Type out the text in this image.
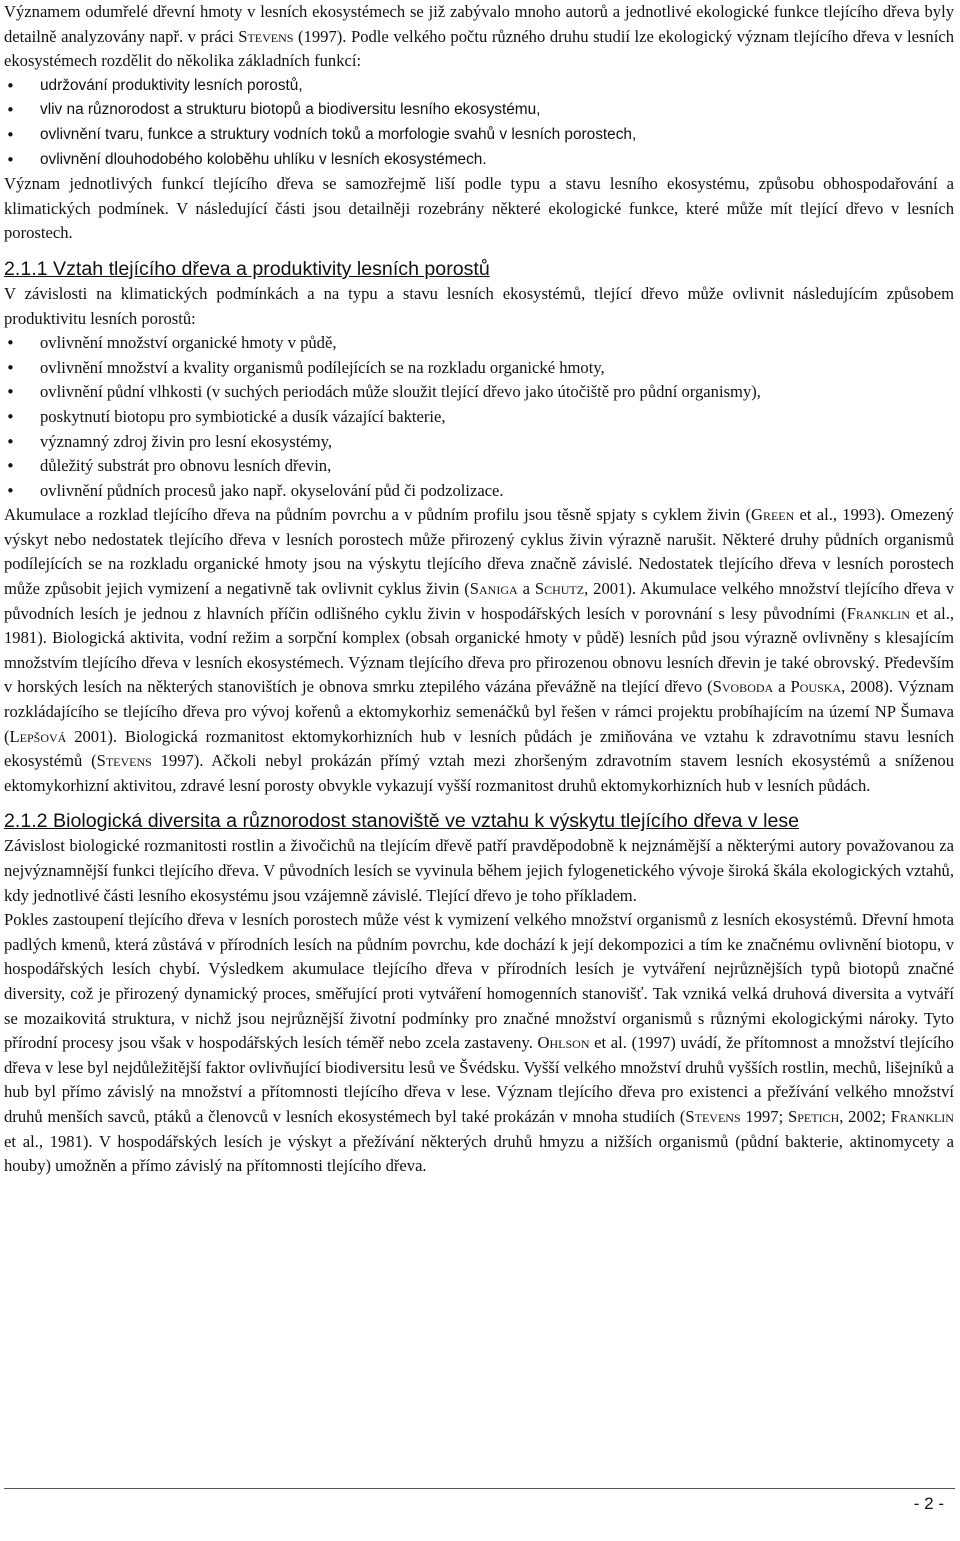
Významem odumřelé dřevní hmoty v lesních ekosystémech se již zabývalo mnoho autorů a jednotlivé ekologické funkce tlejícího dřeva byly detailně analyzovány např. v práci Stevens (1997). Podle velkého počtu různého druhu studií lze ekologický význam tlejícího dřeva v lesních ekosystémech rozdělit do několika základních funkcí:

• udržování produktivity lesních porostů,
• vliv na různorodost a strukturu biotopů a biodiversitu lesního ekosystému,
• ovlivnění tvaru, funkce a struktury vodních toků a morfologie svahů v lesních porostech,
• ovlivnění dlouhodobého koloběhu uhlíku v lesních ekosystémech.

Význam jednotlivých funkcí tlejícího dřeva se samozřejmě liší podle typu a stavu lesního ekosystému, způsobu obhospodařování a klimatických podmínek. V následující části jsou detailněji rozebrány některé ekologické funkce, které může mít tlející dřevo v lesních porostech.

2.1.1 Vztah tlejícího dřeva a produktivity lesních porostů

V závislosti na klimatických podmínkách a na typu a stavu lesních ekosystémů, tlející dřevo může ovlivnit následujícím způsobem produktivitu lesních porostů:

• ovlivnění množství organické hmoty v půdě,
• ovlivnění množství a kvality organismů podílejících se na rozkladu organické hmoty,
• ovlivnění půdní vlhkosti (v suchých periodách může sloužit tlející dřevo jako útočiště pro půdní organismy),
• poskytnutí biotopu pro symbiotické a dusík vázající bakterie,
• významný zdroj živin pro lesní ekosystémy,
• důležitý substrát pro obnovu lesních dřevin,
• ovlivnění půdních procesů jako např. okyselování půd či podzolizace.

Akumulace a rozklad tlejícího dřeva na půdním povrchu a v půdním profilu jsou těsně spjaty s cyklem živin (Green et al., 1993). Omezený výskyt nebo nedostatek tlejícího dřeva v lesních porostech může přirozený cyklus živin výrazně narušit. Některé druhy půdních organismů podílejících se na rozkladu organické hmoty jsou na výskytu tlejícího dřeva značně závislé. Nedostatek tlejícího dřeva v lesních porostech může způsobit jejich vymizení a negativně tak ovlivnit cyklus živin (Saniga a Schutz, 2001). Akumulace velkého množství tlejícího dřeva v původních lesích je jednou z hlavních příčin odlišného cyklu živin v hospodářských lesích v porovnání s lesy původními (Franklin et al., 1981). Biologická aktivita, vodní režim a sorpční komplex (obsah organické hmoty v půdě) lesních půd jsou výrazně ovlivněny s klesajícím množstvím tlejícího dřeva v lesních ekosystémech. Význam tlejícího dřeva pro přirozenou obnovu lesních dřevin je také obrovský. Především v horských lesích na některých stanovištích je obnova smrku ztepilého vázána převážně na tlející dřevo (Svoboda a Pouska, 2008). Význam rozkládajícího se tlejícího dřeva pro vývoj kořenů a ektomykorhiz semenáčků byl řešen v rámci projektu probíhajícím na území NP Šumava (Lepšová 2001). Biologická rozmanitost ektomykorhizních hub v lesních půdách je zmiňována ve vztahu k zdravotnímu stavu lesních ekosystémů (Stevens 1997). Ačkoli nebyl prokázán přímý vztah mezi zhoršeným zdravotním stavem lesních ekosystémů a sníženou ektomykorhizní aktivitou, zdravé lesní porosty obvykle vykazují vyšší rozmanitost druhů ektomykorhizních hub v lesních půdách.

2.1.2 Biologická diversita a různorodost stanoviště ve vztahu k výskytu tlejícího dřeva v lese

Závislost biologické rozmanitosti rostlin a živočichů na tlejícím dřevě patří pravděpodobně k nejznámější a některými autory považovanou za nejvýznamnější funkci tlejícího dřeva. V původních lesích se vyvinula během jejich fylogenetického vývoje široká škála ekologických vztahů, kdy jednotlivé části lesního ekosystému jsou vzájemně závislé. Tlející dřevo je toho příkladem.

Pokles zastoupení tlejícího dřeva v lesních porostech může vést k vymizení velkého množství organismů z lesních ekosystémů. Dřevní hmota padlých kmenů, která zůstává v přírodních lesích na půdním povrchu, kde dochází k její dekompozici a tím ke značnému ovlivnění biotopu, v hospodářských lesích chybí. Výsledkem akumulace tlejícího dřeva v přírodních lesích je vytváření nejrůznějších typů biotopů značné diversity, což je přirozený dynamický proces, směřující proti vytváření homogenních stanovišť. Tak vzniká velká druhová diversita a vytváří se mozaikovitá struktura, v nichž jsou nejrůznější životní podmínky pro značné množství organismů s různými ekologickými nároky. Tyto přírodní procesy jsou však v hospodářských lesích téměř nebo zcela zastaveny. Ohlson et al. (1997) uvádí, že přítomnost a množství tlejícího dřeva v lese byl nejdůležitější faktor ovlivňující biodiversitu lesů ve Švédsku. Vyšší velkého množství druhů vyšších rostlin, mechů, lišejníků a hub byl přímo závislý na množství a přítomnosti tlejícího dřeva v lese. Význam tlejícího dřeva pro existenci a přežívání velkého množství druhů menších savců, ptáků a členovců v lesních ekosystémech byl také prokázán v mnoha studiích (Stevens 1997; Spetich, 2002; Franklin et al., 1981). V hospodářských lesích je výskyt a přežívání některých druhů hmyzu a nižších organismů (půdní bakterie, aktinomycety a houby) umožněn a přímo závislý na přítomnosti tlejícího dřeva.

- 2 -
